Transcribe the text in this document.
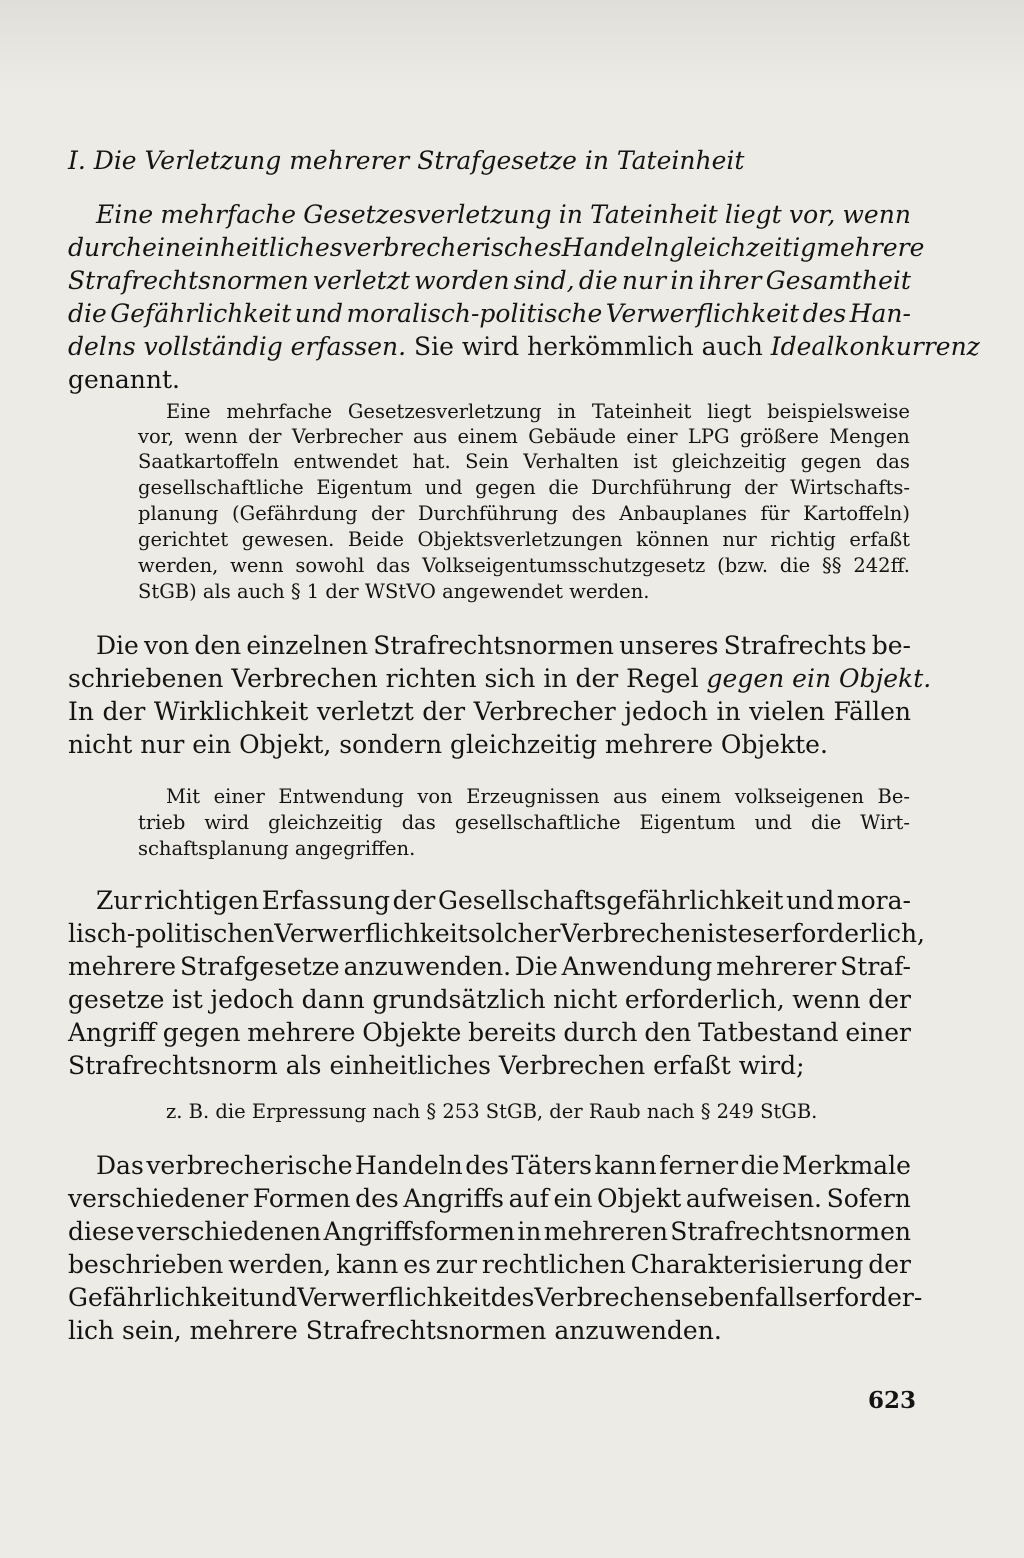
I. Die Verletzung mehrerer Strafgesetze in Tateinheit
Eine mehrfache Gesetzesverletzung in Tateinheit liegt vor, wenn
durch ein einheitliches verbrecherisches Handeln gleichzeitig mehrere
Strafrechtsnormen verletzt worden sind, die nur in ihrer Gesamtheit
die Gefährlichkeit und moralisch-politische Verwerflichkeit des Han-
delns vollständig erfassen. Sie wird herkömmlich auch Idealkonkurrenz
genannt.
Eine mehrfache Gesetzesverletzung in Tateinheit liegt beispielsweise
vor, wenn der Verbrecher aus einem Gebäude einer LPG größere Mengen
Saatkartoffeln entwendet hat. Sein Verhalten ist gleichzeitig gegen das
gesellschaftliche Eigentum und gegen die Durchführung der Wirtschafts-
planung (Gefährdung der Durchführung des Anbauplanes für Kartoffeln)
gerichtet gewesen. Beide Objektsverletzungen können nur richtig erfaßt
werden, wenn sowohl das Volkseigentumsschutzgesetz (bzw. die §§ 242ff.
StGB) als auch § 1 der WStVO angewendet werden.
Die von den einzelnen Strafrechtsnormen unseres Strafrechts be-
schriebenen Verbrechen richten sich in der Regel gegen ein Objekt.
In der Wirklichkeit verletzt der Verbrecher jedoch in vielen Fällen
nicht nur ein Objekt, sondern gleichzeitig mehrere Objekte.
Mit einer Entwendung von Erzeugnissen aus einem volkseigenen Be-
trieb wird gleichzeitig das gesellschaftliche Eigentum und die Wirt-
schaftsplanung angegriffen.
Zur richtigen Erfassung der Gesellschaftsgefährlichkeit und mora-
lisch-politischen Verwerflichkeit solcher Verbrechen ist es erforderlich,
mehrere Strafgesetze anzuwenden. Die Anwendung mehrerer Straf-
gesetze ist jedoch dann grundsätzlich nicht erforderlich, wenn der
Angriff gegen mehrere Objekte bereits durch den Tatbestand einer
Strafrechtsnorm als einheitliches Verbrechen erfaßt wird;
z. B. die Erpressung nach § 253 StGB, der Raub nach § 249 StGB.
Das verbrecherische Handeln des Täters kann ferner die Merkmale
verschiedener Formen des Angriffs auf ein Objekt aufweisen. Sofern
diese verschiedenen Angriffsformen in mehreren Strafrechtsnormen
beschrieben werden, kann es zur rechtlichen Charakterisierung der
Gefährlichkeit und Verwerflichkeit des Verbrechens ebenfalls erforder-
lich sein, mehrere Strafrechtsnormen anzuwenden.
623
